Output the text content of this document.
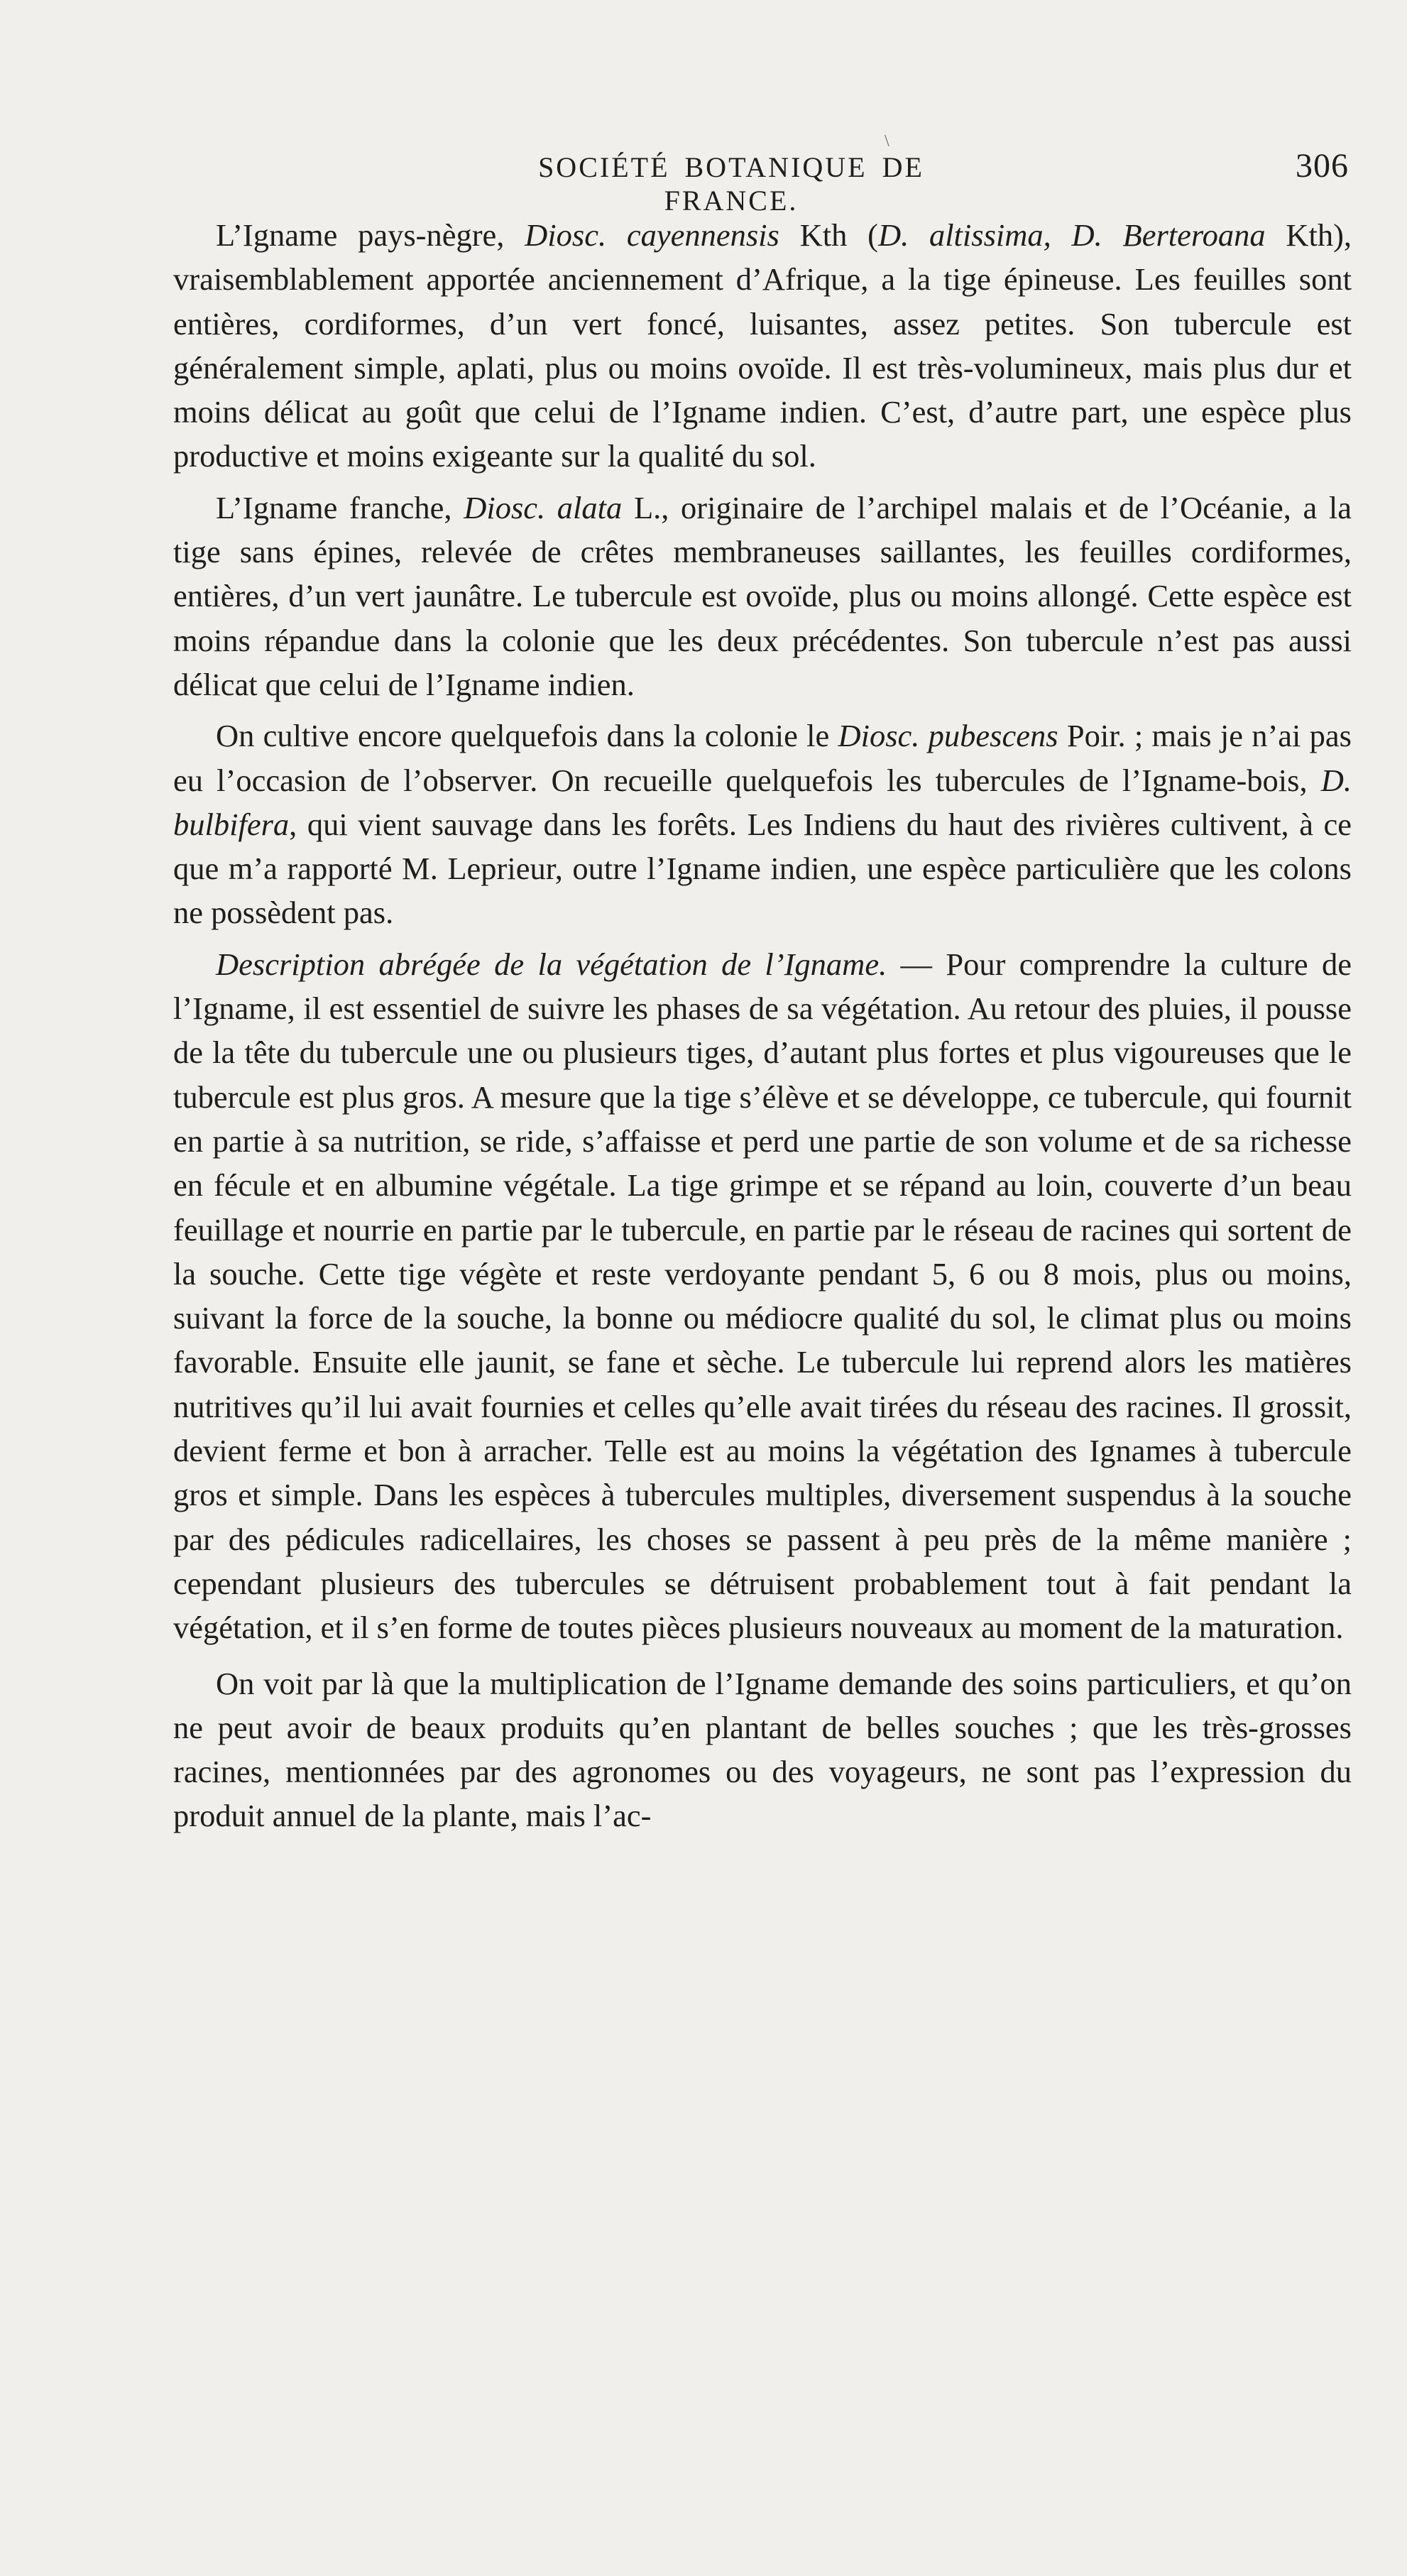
\
SOCIÉTÉ BOTANIQUE DE FRANCE.
306

L’Igname pays-nègre, Diosc. cayennensis Kth (D. altissima, D. Berteroana Kth), vraisemblablement apportée anciennement d’Afrique, a la tige épineuse. Les feuilles sont entières, cordiformes, d’un vert foncé, luisantes, assez petites. Son tubercule est généralement simple, aplati, plus ou moins ovoïde. Il est très-volumineux, mais plus dur et moins délicat au goût que celui de l’Igname indien. C’est, d’autre part, une espèce plus productive et moins exigeante sur la qualité du sol.

L’Igname franche, Diosc. alata L., originaire de l’archipel malais et de l’Océanie, a la tige sans épines, relevée de crêtes membraneuses saillantes, les feuilles cordiformes, entières, d’un vert jaunâtre. Le tubercule est ovoïde, plus ou moins allongé. Cette espèce est moins répandue dans la colonie que les deux précédentes. Son tubercule n’est pas aussi délicat que celui de l’Igname indien.

On cultive encore quelquefois dans la colonie le Diosc. pubescens Poir. ; mais je n’ai pas eu l’occasion de l’observer. On recueille quelquefois les tubercules de l’Igname-bois, D. bulbifera, qui vient sauvage dans les forêts. Les Indiens du haut des rivières cultivent, à ce que m’a rapporté M. Leprieur, outre l’Igname indien, une espèce particulière que les colons ne possèdent pas.

Description abrégée de la végétation de l’Igname. — Pour comprendre la culture de l’Igname, il est essentiel de suivre les phases de sa végétation. Au retour des pluies, il pousse de la tête du tubercule une ou plusieurs tiges, d’autant plus fortes et plus vigoureuses que le tubercule est plus gros. A mesure que la tige s’élève et se développe, ce tubercule, qui fournit en partie à sa nutrition, se ride, s’affaisse et perd une partie de son volume et de sa richesse en fécule et en albumine végétale. La tige grimpe et se répand au loin, couverte d’un beau feuillage et nourrie en partie par le tubercule, en partie par le réseau de racines qui sortent de la souche. Cette tige végète et reste verdoyante pendant 5, 6 ou 8 mois, plus ou moins, suivant la force de la souche, la bonne ou médiocre qualité du sol, le climat plus ou moins favorable. Ensuite elle jaunit, se fane et sèche. Le tubercule lui reprend alors les matières nutritives qu’il lui avait fournies et celles qu’elle avait tirées du réseau des racines. Il grossit, devient ferme et bon à arracher. Telle est au moins la végétation des Ignames à tubercule gros et simple. Dans les espèces à tubercules multiples, diversement suspendus à la souche par des pédicules radicellaires, les choses se passent à peu près de la même manière ; cependant plusieurs des tubercules se détruisent probablement tout à fait pendant la végétation, et il s’en forme de toutes pièces plusieurs nouveaux au moment de la maturation.

On voit par là que la multiplication de l’Igname demande des soins particuliers, et qu’on ne peut avoir de beaux produits qu’en plantant de belles souches ; que les très-grosses racines, mentionnées par des agronomes ou des voyageurs, ne sont pas l’expression du produit annuel de la plante, mais l’ac-
